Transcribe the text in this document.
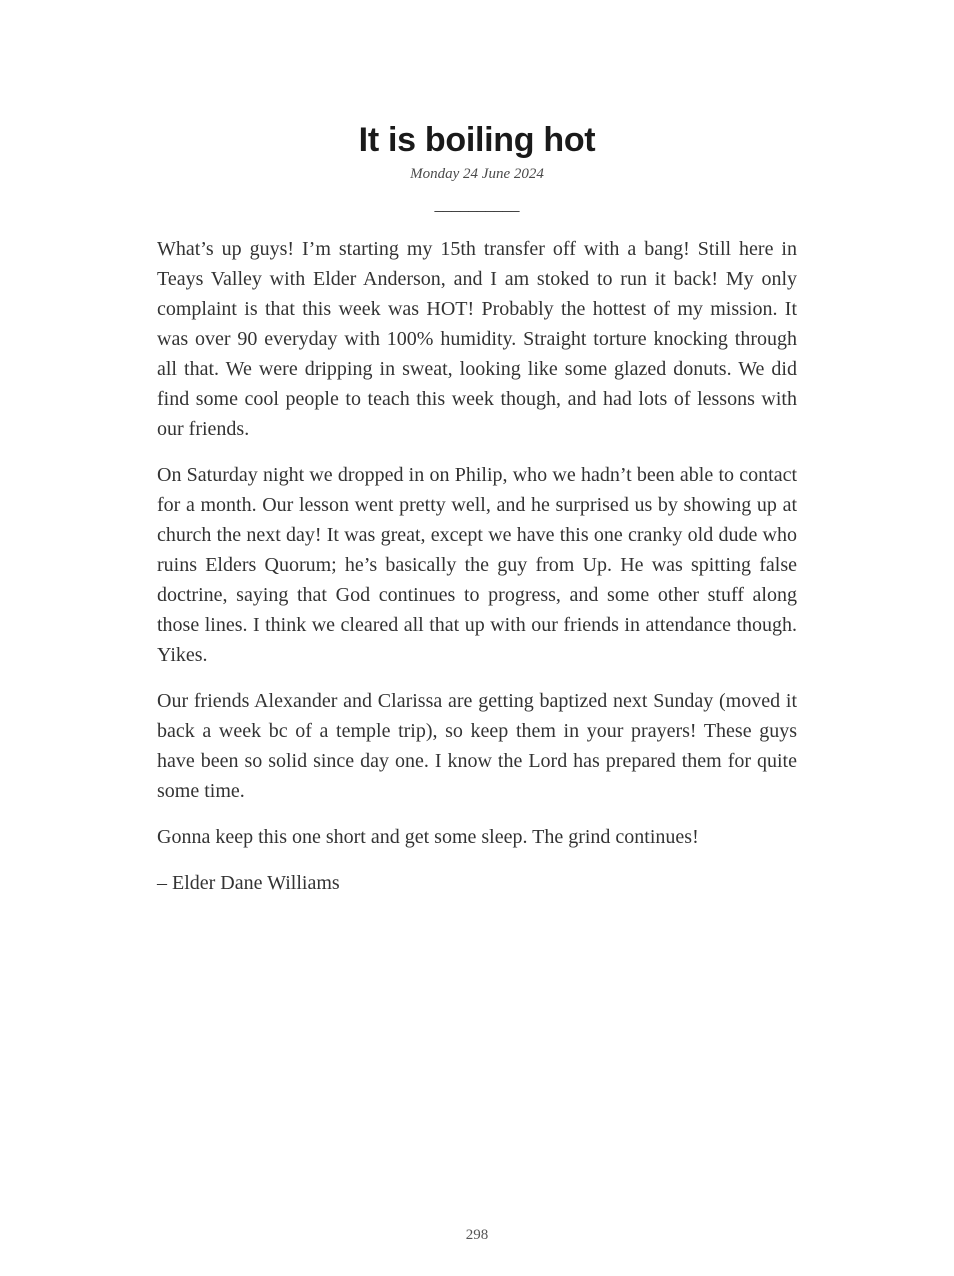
It is boiling hot
Monday 24 June 2024
__________

What’s up guys! I’m starting my 15th transfer off with a bang! Still here in Teays Valley with Elder Anderson, and I am stoked to run it back! My only complaint is that this week was HOT! Probably the hottest of my mission. It was over 90 everyday with 100% humidity. Straight torture knocking through all that. We were dripping in sweat, looking like some glazed donuts. We did find some cool people to teach this week though, and had lots of lessons with our friends.

On Saturday night we dropped in on Philip, who we hadn’t been able to contact for a month. Our lesson went pretty well, and he surprised us by showing up at church the next day! It was great, except we have this one cranky old dude who ruins Elders Quorum; he’s basically the guy from Up. He was spitting false doctrine, saying that God continues to progress, and some other stuff along those lines. I think we cleared all that up with our friends in attendance though. Yikes.

Our friends Alexander and Clarissa are getting baptized next Sunday (moved it back a week bc of a temple trip), so keep them in your prayers! These guys have been so solid since day one. I know the Lord has prepared them for quite some time.

Gonna keep this one short and get some sleep. The grind continues!

– Elder Dane Williams
298
